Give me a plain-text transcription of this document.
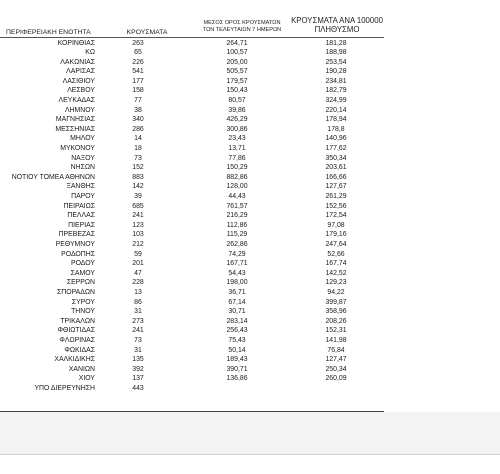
ΠΕΡΙΦΕΡΕΙΑΚΗ ΕΝΟΤΗΤΑ	ΚΡΟΥΣΜΑΤΑ
ΜΕΣΟΣ ΟΡΟΣ ΚΡΟΥΣΜΑΤΩΝ
ΤΩΝ ΤΕΛΕΥΤΑΙΩΝ 7 ΗΜΕΡΩΝ
ΚΡΟΥΣΜΑΤΑ ΑΝΑ 100000
ΠΛΗΘΥΣΜΟ
ΚΟΡΙΝΘΙΑΣ	263	264,71	181,28
ΚΩ	65	100,57	188,98
ΛΑΚΩΝΙΑΣ	226	205,00	253,54
ΛΑΡΙΣΑΣ	541	505,57	190,28
ΛΑΣΙΘΙΟΥ	177	179,57	234,81
ΛΕΣΒΟΥ	158	150,43	182,79
ΛΕΥΚΑΔΑΣ	77	80,57	324,99
ΛΗΜΝΟΥ	38	39,86	220,14
ΜΑΓΝΗΣΙΑΣ	340	426,29	178,94
ΜΕΣΣΗΝΙΑΣ	286	300,86	178,8
ΜΗΛΟΥ	14	23,43	140,96
ΜΥΚΟΝΟΥ	18	13,71	177,62
ΝΑΞΟΥ	73	77,86	350,34
ΝΗΣΩΝ	152	150,29	203,61
ΝΟΤΙΟΥ ΤΟΜΕΑ ΑΘΗΝΩΝ	883	882,86	166,66
ΞΑΝΘΗΣ	142	128,00	127,67
ΠΑΡΟΥ	39	44,43	261,29
ΠΕΙΡΑΙΩΣ	685	761,57	152,56
ΠΕΛΛΑΣ	241	216,29	172,54
ΠΙΕΡΙΑΣ	123	112,86	97,08
ΠΡΕΒΕΖΑΣ	103	115,29	179,16
ΡΕΘΥΜΝΟΥ	212	262,86	247,64
ΡΟΔΟΠΗΣ	59	74,29	52,66
ΡΟΔΟΥ	201	167,71	167,74
ΣΑΜΟΥ	47	54,43	142,52
ΣΕΡΡΩΝ	228	198,00	129,23
ΣΠΟΡΑΔΩΝ	13	36,71	94,22
ΣΥΡΟΥ	86	67,14	399,87
ΤΗΝΟΥ	31	30,71	358,96
ΤΡΙΚΑΛΩΝ	273	283,14	208,26
ΦΘΙΩΤΙΔΑΣ	241	256,43	152,31
ΦΛΩΡΙΝΑΣ	73	75,43	141,98
ΦΩΚΙΔΑΣ	31	50,14	76,84
ΧΑΛΚΙΔΙΚΗΣ	135	189,43	127,47
ΧΑΝΙΩΝ	392	390,71	250,34
ΧΙΟΥ	137	136,86	260,09
ΥΠΟ ΔΙΕΡΕΥΝΗΣΗ	443
